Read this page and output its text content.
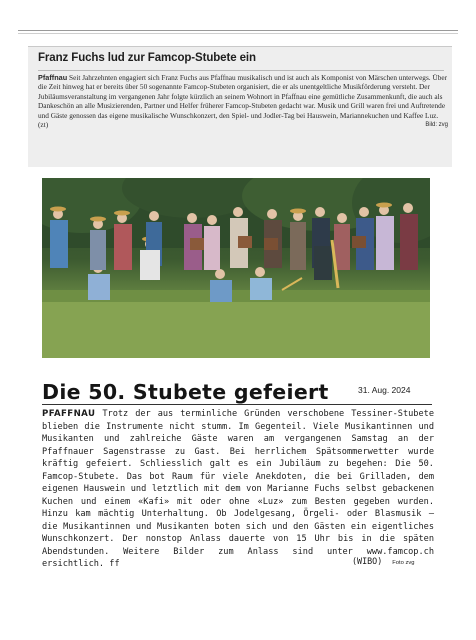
Franz Fuchs lud zur Famcop-Stubete ein

Pfaffnau Seit Jahrzehnten engagiert sich Franz Fuchs aus Pfaffnau musikalisch und ist auch als Komponist von Märschen unterwegs. Über die Zeit hinweg hat er bereits über 50 sogenannte Famcop-Stubeten organisiert, die er als unentgeltliche Musikförderung versteht. Der Jubiläumsveranstaltung im vergangenen Jahr folgte kürzlich an seinem Wohnort in Pfaffnau eine gemütliche Zusammenkunft, die auch als Dankeschön an alle Musizierenden, Partner und Helfer früherer Famcop-Stubeten gedacht war. Musik und Grill waren frei und Auftretende und Gäste genossen das eigene musikalische Wunschkonzert, den Spiel- und Jodler-Tag bei Hauswein, Mariannekuchen und Kaffee Luz. (zt)	Bild: zvg

Die 50. Stubete gefeiert	31. Aug. 2024

PFAFFNAU Trotz der aus terminliche Gründen verschobene Tessiner-Stubete blieben die Instrumente nicht stumm. Im Gegenteil. Viele Musikantinnen und Musikanten und zahlreiche Gäste waren am vergangenen Samstag an der Pfaffnauer Sagenstrasse zu Gast. Bei herrlichem Spätsommerwetter wurde kräftig gefeiert. Schliesslich galt es ein Jubiläum zu begehen: Die 50. Famcop-Stubete. Das bot Raum für viele Anekdoten, die bei Grilladen, dem eigenen Hauswein und letztlich mit dem von Marianne Fuchs selbst gebackenen Kuchen und einem «Kafi» mit oder ohne «Luz» zum Besten gegeben wurden. Hinzu kam mächtig Unterhaltung. Ob Jodelgesang, Örgeli- oder Blasmusik – die Musikantinnen und Musikanten boten sich und den Gästen ein eigentliches Wunschkonzert. Der nonstop Anlass dauerte von 15 Uhr bis in die späten Abendstunden. Weitere Bilder zum Anlass sind unter www.famcop.ch ersichtlich. ff	(WIBO) Foto zvg
